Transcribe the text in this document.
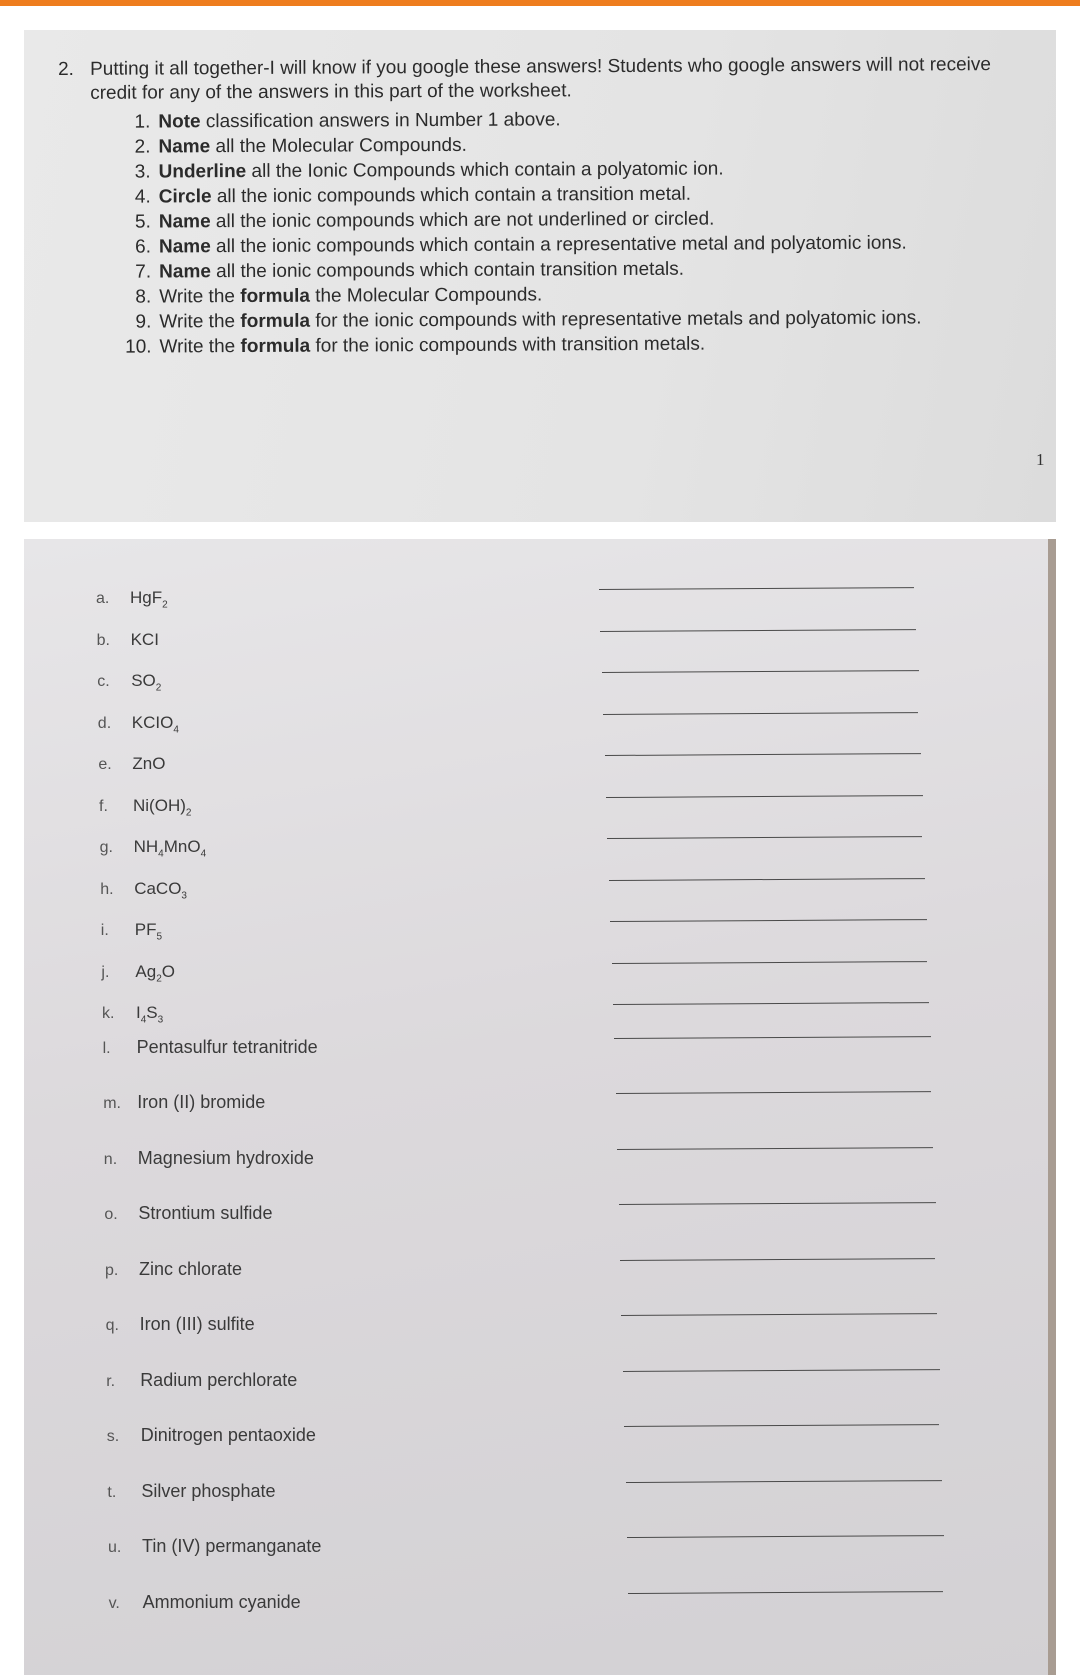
2. Putting it all together-I will know if you google these answers! Students who google answers will not receive credit for any of the answers in this part of the worksheet.
1. Note classification answers in Number 1 above.
2. Name all the Molecular Compounds.
3. Underline all the Ionic Compounds which contain a polyatomic ion.
4. Circle all the ionic compounds which contain a transition metal.
5. Name all the ionic compounds which are not underlined or circled.
6. Name all the ionic compounds which contain a representative metal and polyatomic ions.
7. Name all the ionic compounds which contain transition metals.
8. Write the formula the Molecular Compounds.
9. Write the formula for the ionic compounds with representative metals and polyatomic ions.
10. Write the formula for the ionic compounds with transition metals.
1
a.	HgF$_2$
b.	KCI
c.	$SO_2$
d.	$KCIO_4$
e.	ZnO
f.	$Ni(OH)_2$
g.	$NH_4MnO_4$
h.	CaCO$_3$
i.	$PF_5$
j.	$Ag_2O$
k.	$I_4S_3$
l.	Pentasulfur tetranitride
m. Iron (II) bromide
n.	Magnesium hydroxide
o.	Strontium sulfide
p.	Zinc chlorate
q.	Iron (III) sulfite
r.	Radium perchlorate
s.	Dinitrogen pentaoxide
t.	Silver phosphate
u.	Tin (IV) permanganate
v.	Ammonium cyanide
